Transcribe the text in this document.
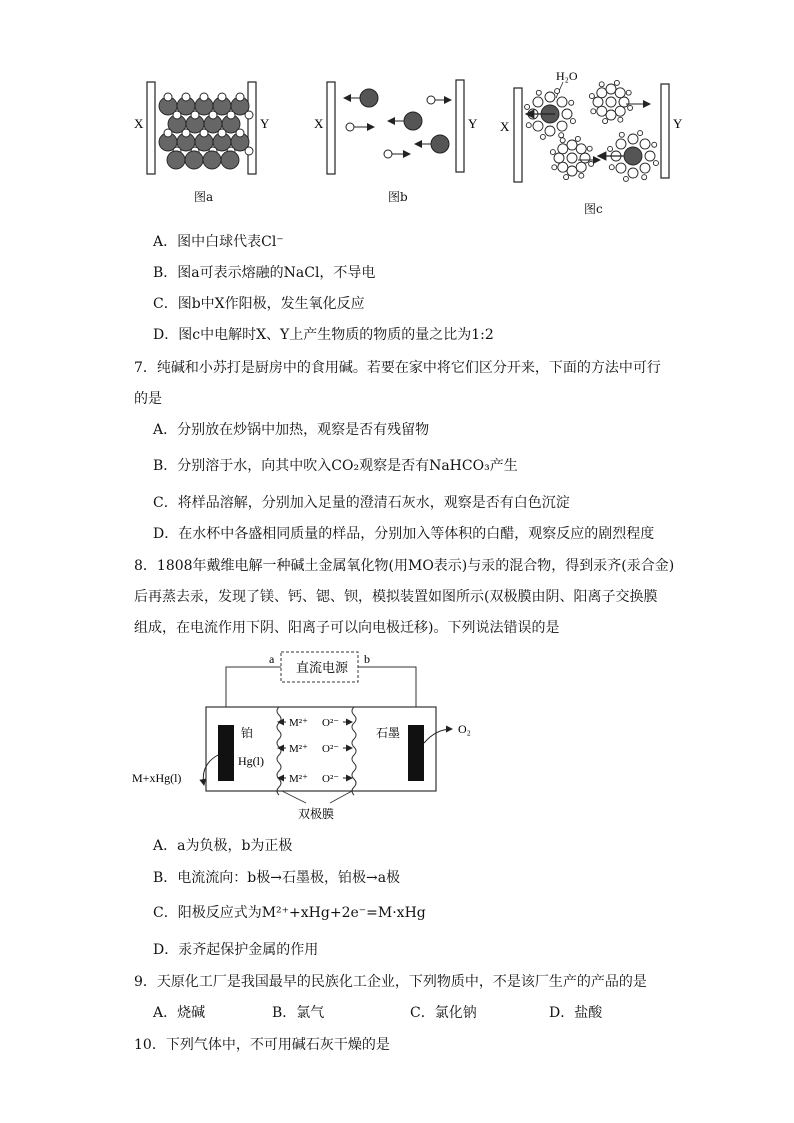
X	Y	X	Y X	Y
H₂O
图a	图b
图c
A．图中白球代表Cl⁻
B．图a可表示熔融的NaCl，不导电
C．图b中X作阳极，发生氧化反应
D．图c中电解时X、Y上产生物质的物质的量之比为1:2
7．纯碱和小苏打是厨房中的食用碱。若要在家中将它们区分开来，下面的方法中可行
的是
A．分别放在炒锅中加热，观察是否有残留物
B．分别溶于水，向其中吹入CO₂观察是否有NaHCO₃产生
C．将样品溶解，分别加入足量的澄清石灰水，观察是否有白色沉淀
D．在水杯中各盛相同质量的样品，分别加入等体积的白醋，观察反应的剧烈程度
8．1808年戴维电解一种碱土金属氧化物(用MO表示)与汞的混合物，得到汞齐(汞合金)
后再蒸去汞，发现了镁、钙、锶、钡，模拟装置如图所示(双极膜由阴、阳离子交换膜
组成，在电流作用下阴、阳离子可以向电极迁移)。下列说法错误的是
直流电源
a	b
铂
Hg(l)
石墨
M²⁺ O²⁻
M²⁺ O²⁻
M²⁺ O²⁻
M+xHg(l)
O₂
双极膜
A．a为负极，b为正极
B．电流流向：b极→石墨极，铂极→a极
C．阳极反应式为M²⁺+xHg+2e⁻=M·xHg
D．汞齐起保护金属的作用
9．天原化工厂是我国最早的民族化工企业，下列物质中，不是该厂生产的产品的是
A．烧碱	B．氯气	C．氯化钠	D．盐酸
10．下列气体中，不可用碱石灰干燥的是
